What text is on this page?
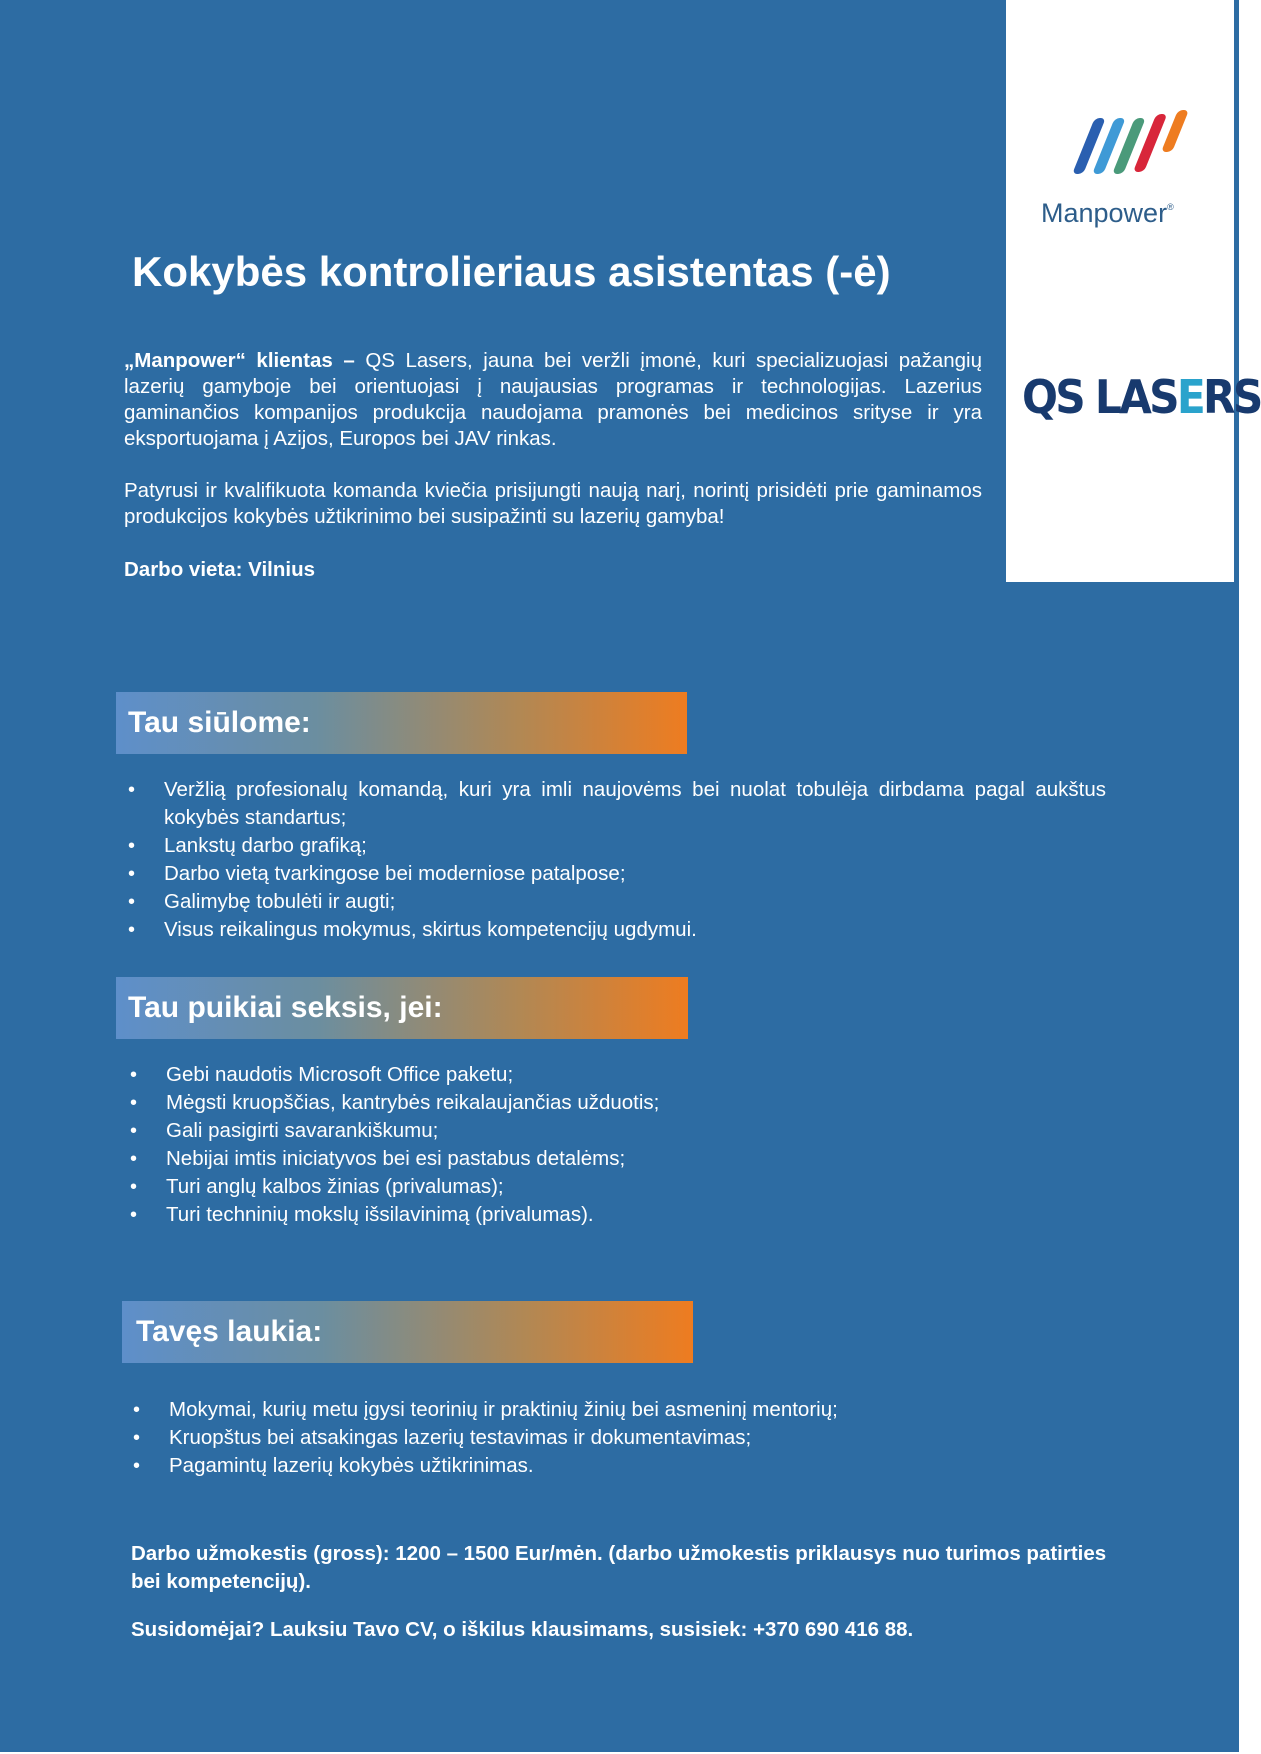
Manpower®
QS LASERS
Kokybės kontrolieriaus asistentas (-ė)
„Manpower“ klientas – QS Lasers, jauna bei veržli įmonė, kuri specializuojasi pažangių lazerių gamyboje bei orientuojasi į naujausias programas ir technologijas. Lazerius gaminančios kompanijos produkcija naudojama pramonės bei medicinos srityse ir yra eksportuojama į Azijos, Europos bei JAV rinkas.
Patyrusi ir kvalifikuota komanda kviečia prisijungti naują narį, norintį prisidėti prie gaminamos produkcijos kokybės užtikrinimo bei susipažinti su lazerių gamyba!
Darbo vieta: Vilnius
Tau siūlome:
• Veržlią profesionalų komandą, kuri yra imli naujovėms bei nuolat tobulėja dirbdama pagal aukštus kokybės standartus;
• Lankstų darbo grafiką;
• Darbo vietą tvarkingose bei moderniose patalpose;
• Galimybę tobulėti ir augti;
• Visus reikalingus mokymus, skirtus kompetencijų ugdymui.
Tau puikiai seksis, jei:
• Gebi naudotis Microsoft Office paketu;
• Mėgsti kruopščias, kantrybės reikalaujančias užduotis;
• Gali pasigirti savarankiškumu;
• Nebijai imtis iniciatyvos bei esi pastabus detalėms;
• Turi anglų kalbos žinias (privalumas);
• Turi techninių mokslų išsilavinimą (privalumas).
Tavęs laukia:
• Mokymai, kurių metu įgysi teorinių ir praktinių žinių bei asmeninį mentorių;
• Kruopštus bei atsakingas lazerių testavimas ir dokumentavimas;
• Pagamintų lazerių kokybės užtikrinimas.
Darbo užmokestis (gross): 1200 – 1500 Eur/mėn. (darbo užmokestis priklausys nuo turimos patirties bei kompetencijų).
Susidomėjai? Lauksiu Tavo CV, o iškilus klausimams, susisiek: +370 690 416 88.
